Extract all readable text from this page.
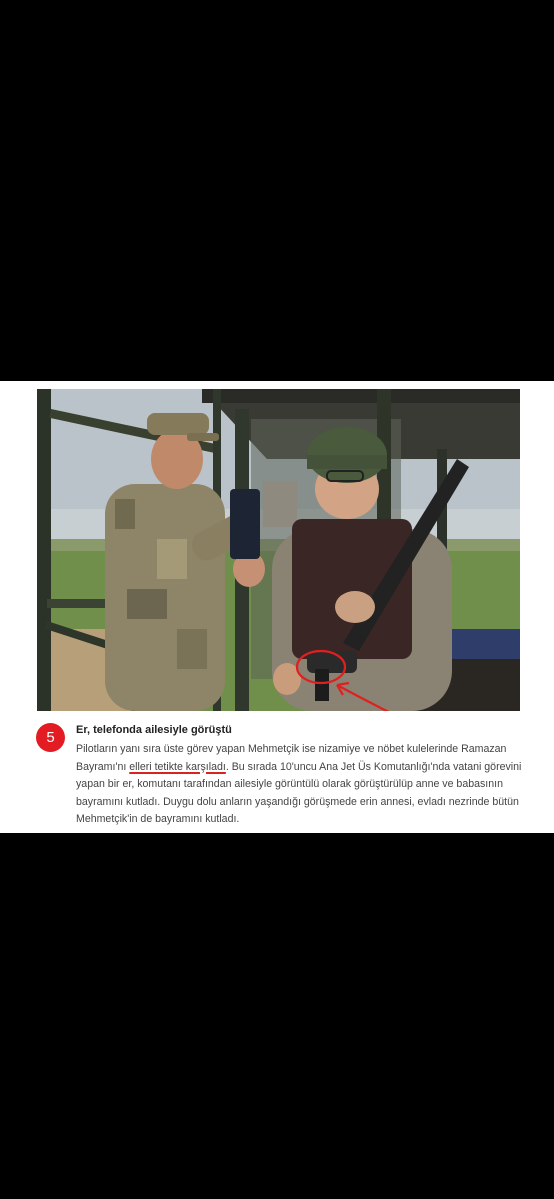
5	Er, telefonda ailesiyle görüştü
Pilotların yanı sıra üste görev yapan Mehmetçik ise nizamiye ve nöbet kulelerinde Ramazan
Bayramı'nı elleri tetikte karşıladı. Bu sırada 10'uncu Ana Jet Üs Komutanlığı'nda vatani görevini
yapan bir er, komutanı tarafından ailesiyle görüntülü olarak görüştürülüp anne ve babasının
bayramını kutladı. Duygu dolu anların yaşandığı görüşmede erin annesi, evladı nezrinde bütün
Mehmetçik'in de bayramını kutladı.
